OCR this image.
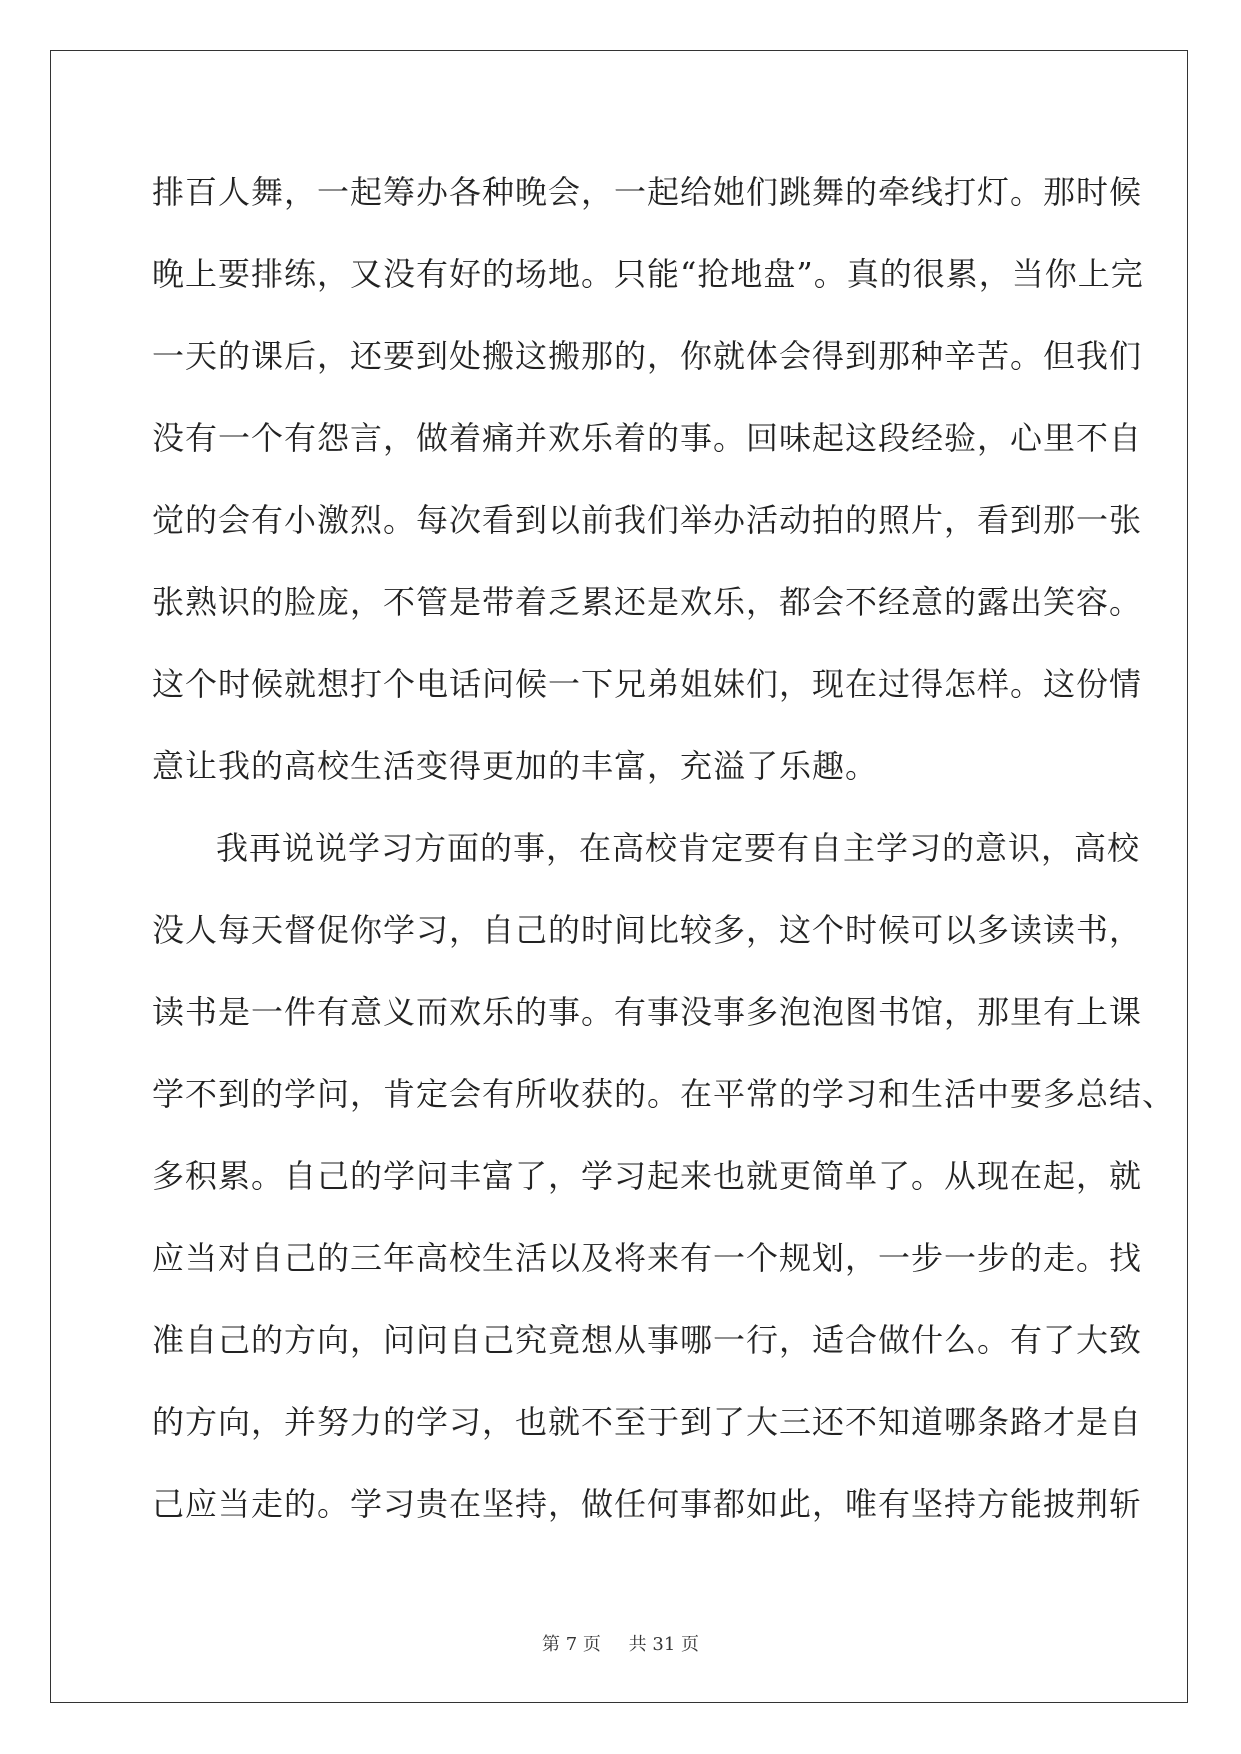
排百人舞，一起筹办各种晚会，一起给她们跳舞的牵线打灯。那时候
晚上要排练，又没有好的场地。只能“抢地盘”。真的很累，当你上完
一天的课后，还要到处搬这搬那的，你就体会得到那种辛苦。但我们
没有一个有怨言，做着痛并欢乐着的事。回味起这段经验，心里不自
觉的会有小激烈。每次看到以前我们举办活动拍的照片，看到那一张
张熟识的脸庞，不管是带着乏累还是欢乐，都会不经意的露出笑容。
这个时候就想打个电话问候一下兄弟姐妹们，现在过得怎样。这份情
意让我的高校生活变得更加的丰富，充溢了乐趣。
我再说说学习方面的事，在高校肯定要有自主学习的意识，高校
没人每天督促你学习，自己的时间比较多，这个时候可以多读读书，
读书是一件有意义而欢乐的事。有事没事多泡泡图书馆，那里有上课
学不到的学问，肯定会有所收获的。在平常的学习和生活中要多总结、
多积累。自己的学问丰富了，学习起来也就更简单了。从现在起，就
应当对自己的三年高校生活以及将来有一个规划，一步一步的走。找
准自己的方向，问问自己究竟想从事哪一行，适合做什么。有了大致
的方向，并努力的学习，也就不至于到了大三还不知道哪条路才是自
己应当走的。学习贵在坚持，做任何事都如此，唯有坚持方能披荆斩
第 7 页 共 31 页
